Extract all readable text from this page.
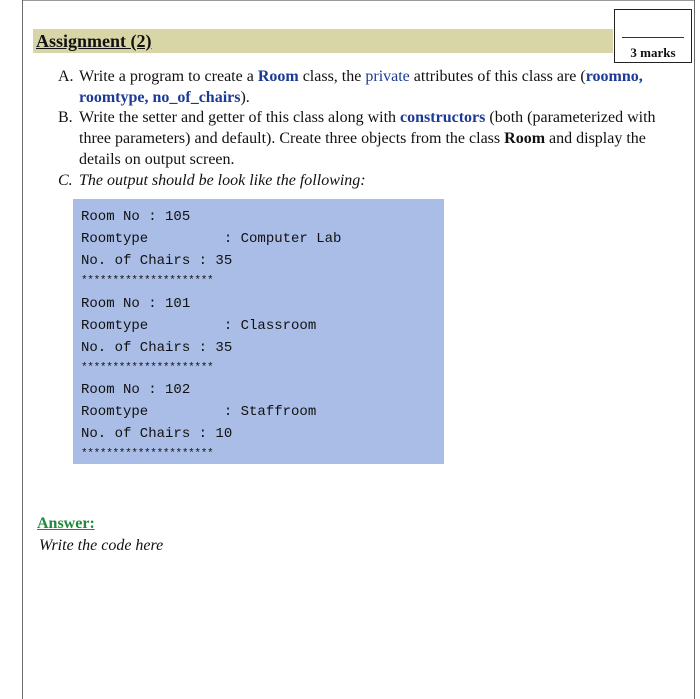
Assignment (2)
3 marks
A. Write a program to create a Room class, the private attributes of this class are (roomno, roomtype, no_of_chairs).
B. Write the setter and getter of this class along with constructors (both (parameterized with three parameters) and default). Create three objects from the class Room and display the details on output screen.
C. The output should be look like the following:
Room No : 105
Roomtype         : Computer Lab
No. of Chairs : 35
*********************
Room No : 101
Roomtype         : Classroom
No. of Chairs : 35
*********************
Room No : 102
Roomtype         : Staffroom
No. of Chairs : 10
*********************
Answer:
Write the code here
